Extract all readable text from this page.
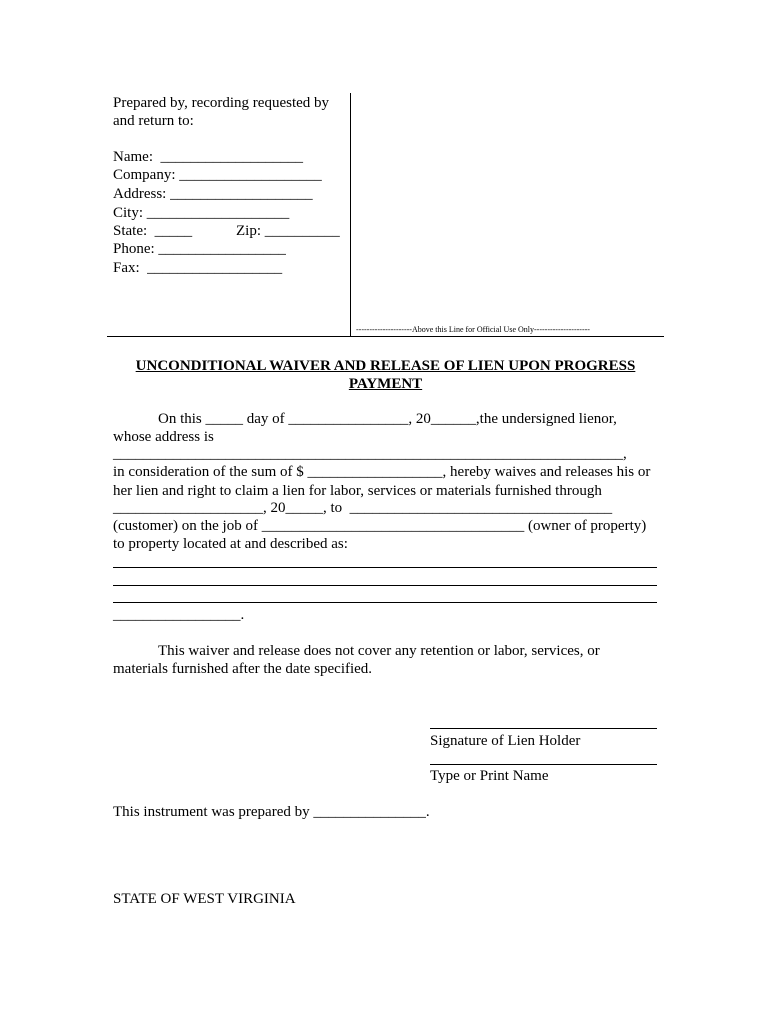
Prepared by, recording requested by
and return to:
Name:  ___________________
Company: ___________________
Address: ___________________
City: ___________________
State:  _____	Zip: __________
Phone: _________________
Fax:  __________________
---------------------Above this Line for Official Use Only---------------------
UNCONDITIONAL WAIVER AND RELEASE OF LIEN UPON PROGRESS
PAYMENT
On this _____ day of ________________, 20______,the undersigned lienor,
whose address is
____________________________________________________________________,
in consideration of the sum of $ __________________, hereby waives and releases his or
her lien and right to claim a lien for labor, services or materials furnished through
____________________, 20_____, to  ___________________________________
(customer) on the job of ___________________________________ (owner of property)
to property located at and described as:
_________________.
This waiver and release does not cover any retention or labor, services, or
materials furnished after the date specified.
Signature of Lien Holder
Type or Print Name
This instrument was prepared by _______________.
STATE OF WEST VIRGINIA
